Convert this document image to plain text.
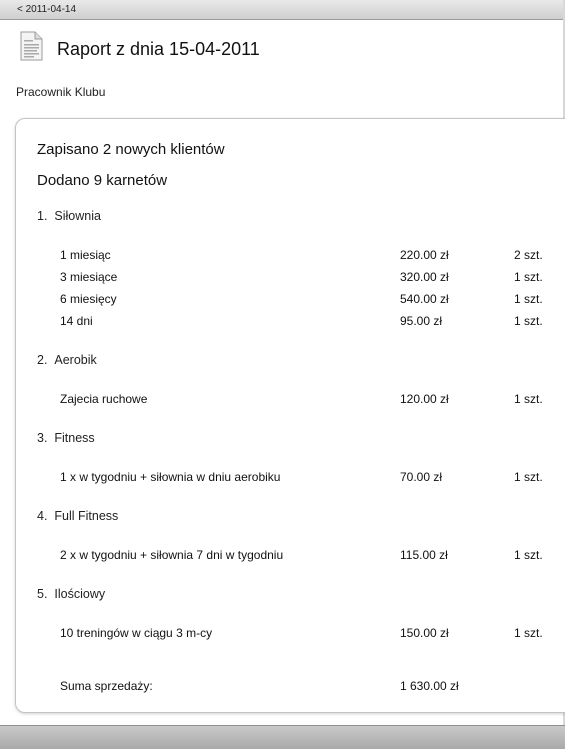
< 2011-04-14
Raport z dnia 15-04-2011
Pracownik Klubu
Zapisano 2 nowych klientów
Dodano 9 karnetów
1. Siłownia
1 miesiąc	220.00 zł	2 szt.
3 miesiące	320.00 zł	1 szt.
6 miesięcy	540.00 zł	1 szt.
14 dni	95.00 zł	1 szt.
2. Aerobik
Zajecia ruchowe	120.00 zł	1 szt.
3. Fitness
1 x w tygodniu + siłownia w dniu aerobiku	70.00 zł	1 szt.
4. Full Fitness
2 x w tygodniu + siłownia 7 dni w tygodniu	115.00 zł	1 szt.
5. Ilościowy
10 treningów w ciągu 3 m-cy	150.00 zł	1 szt.
Suma sprzedaży:	1 630.00 zł
